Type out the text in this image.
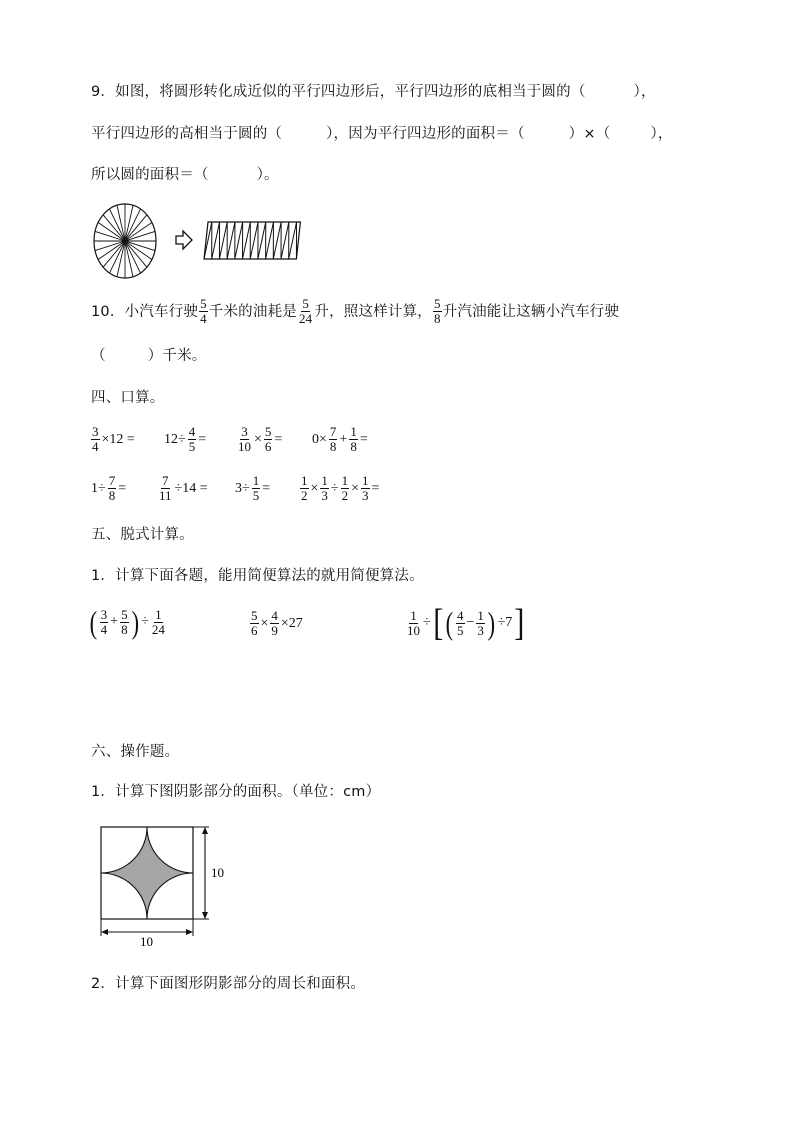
9．如图，将圆形转化成近似的平行四边形后，平行四边形的底相当于圆的（	），
平行四边形的高相当于圆的（	），因为平行四边形的面积＝（	）×（	），
所以圆的面积＝（	）。
10．小汽车行驶 $\frac{5}{4}$ 千米的油耗是 $\frac{5}{24}$ 升，照这样计算， $\frac{5}{8}$ 升汽油能让这辆小汽车行驶
（	）千米。
四、口算。
$\frac{3}{4} \times 12 = 12\div \frac{4}{5} = \frac{3}{10} \times \frac{5}{6} = 0\times \frac{7}{8} + \frac{1}{8}$ =
$1\div \frac{7}{8} = \frac{7}{11} \div 14 = 3\div \frac{1}{5} = \frac{1}{2} \times \frac{1}{3} \div \frac{1}{2} \times \frac{1}{3}$ =
五、脱式计算。
1．计算下面各题，能用简便算法的就用简便算法。
( $\frac{3}{4} + \frac{5}{8}$ ) ÷ $\frac{1}{24}$	$\frac{5}{6} \times \frac{4}{9} \times 27$	$\frac{1}{10}$ ÷ [ ( $\frac{4}{5} - \frac{1}{3}$ ) ÷7 ]
六、操作题。
1．计算下图阴影部分的面积。（单位：cm）
10
10
2．计算下面图形阴影部分的周长和面积。
